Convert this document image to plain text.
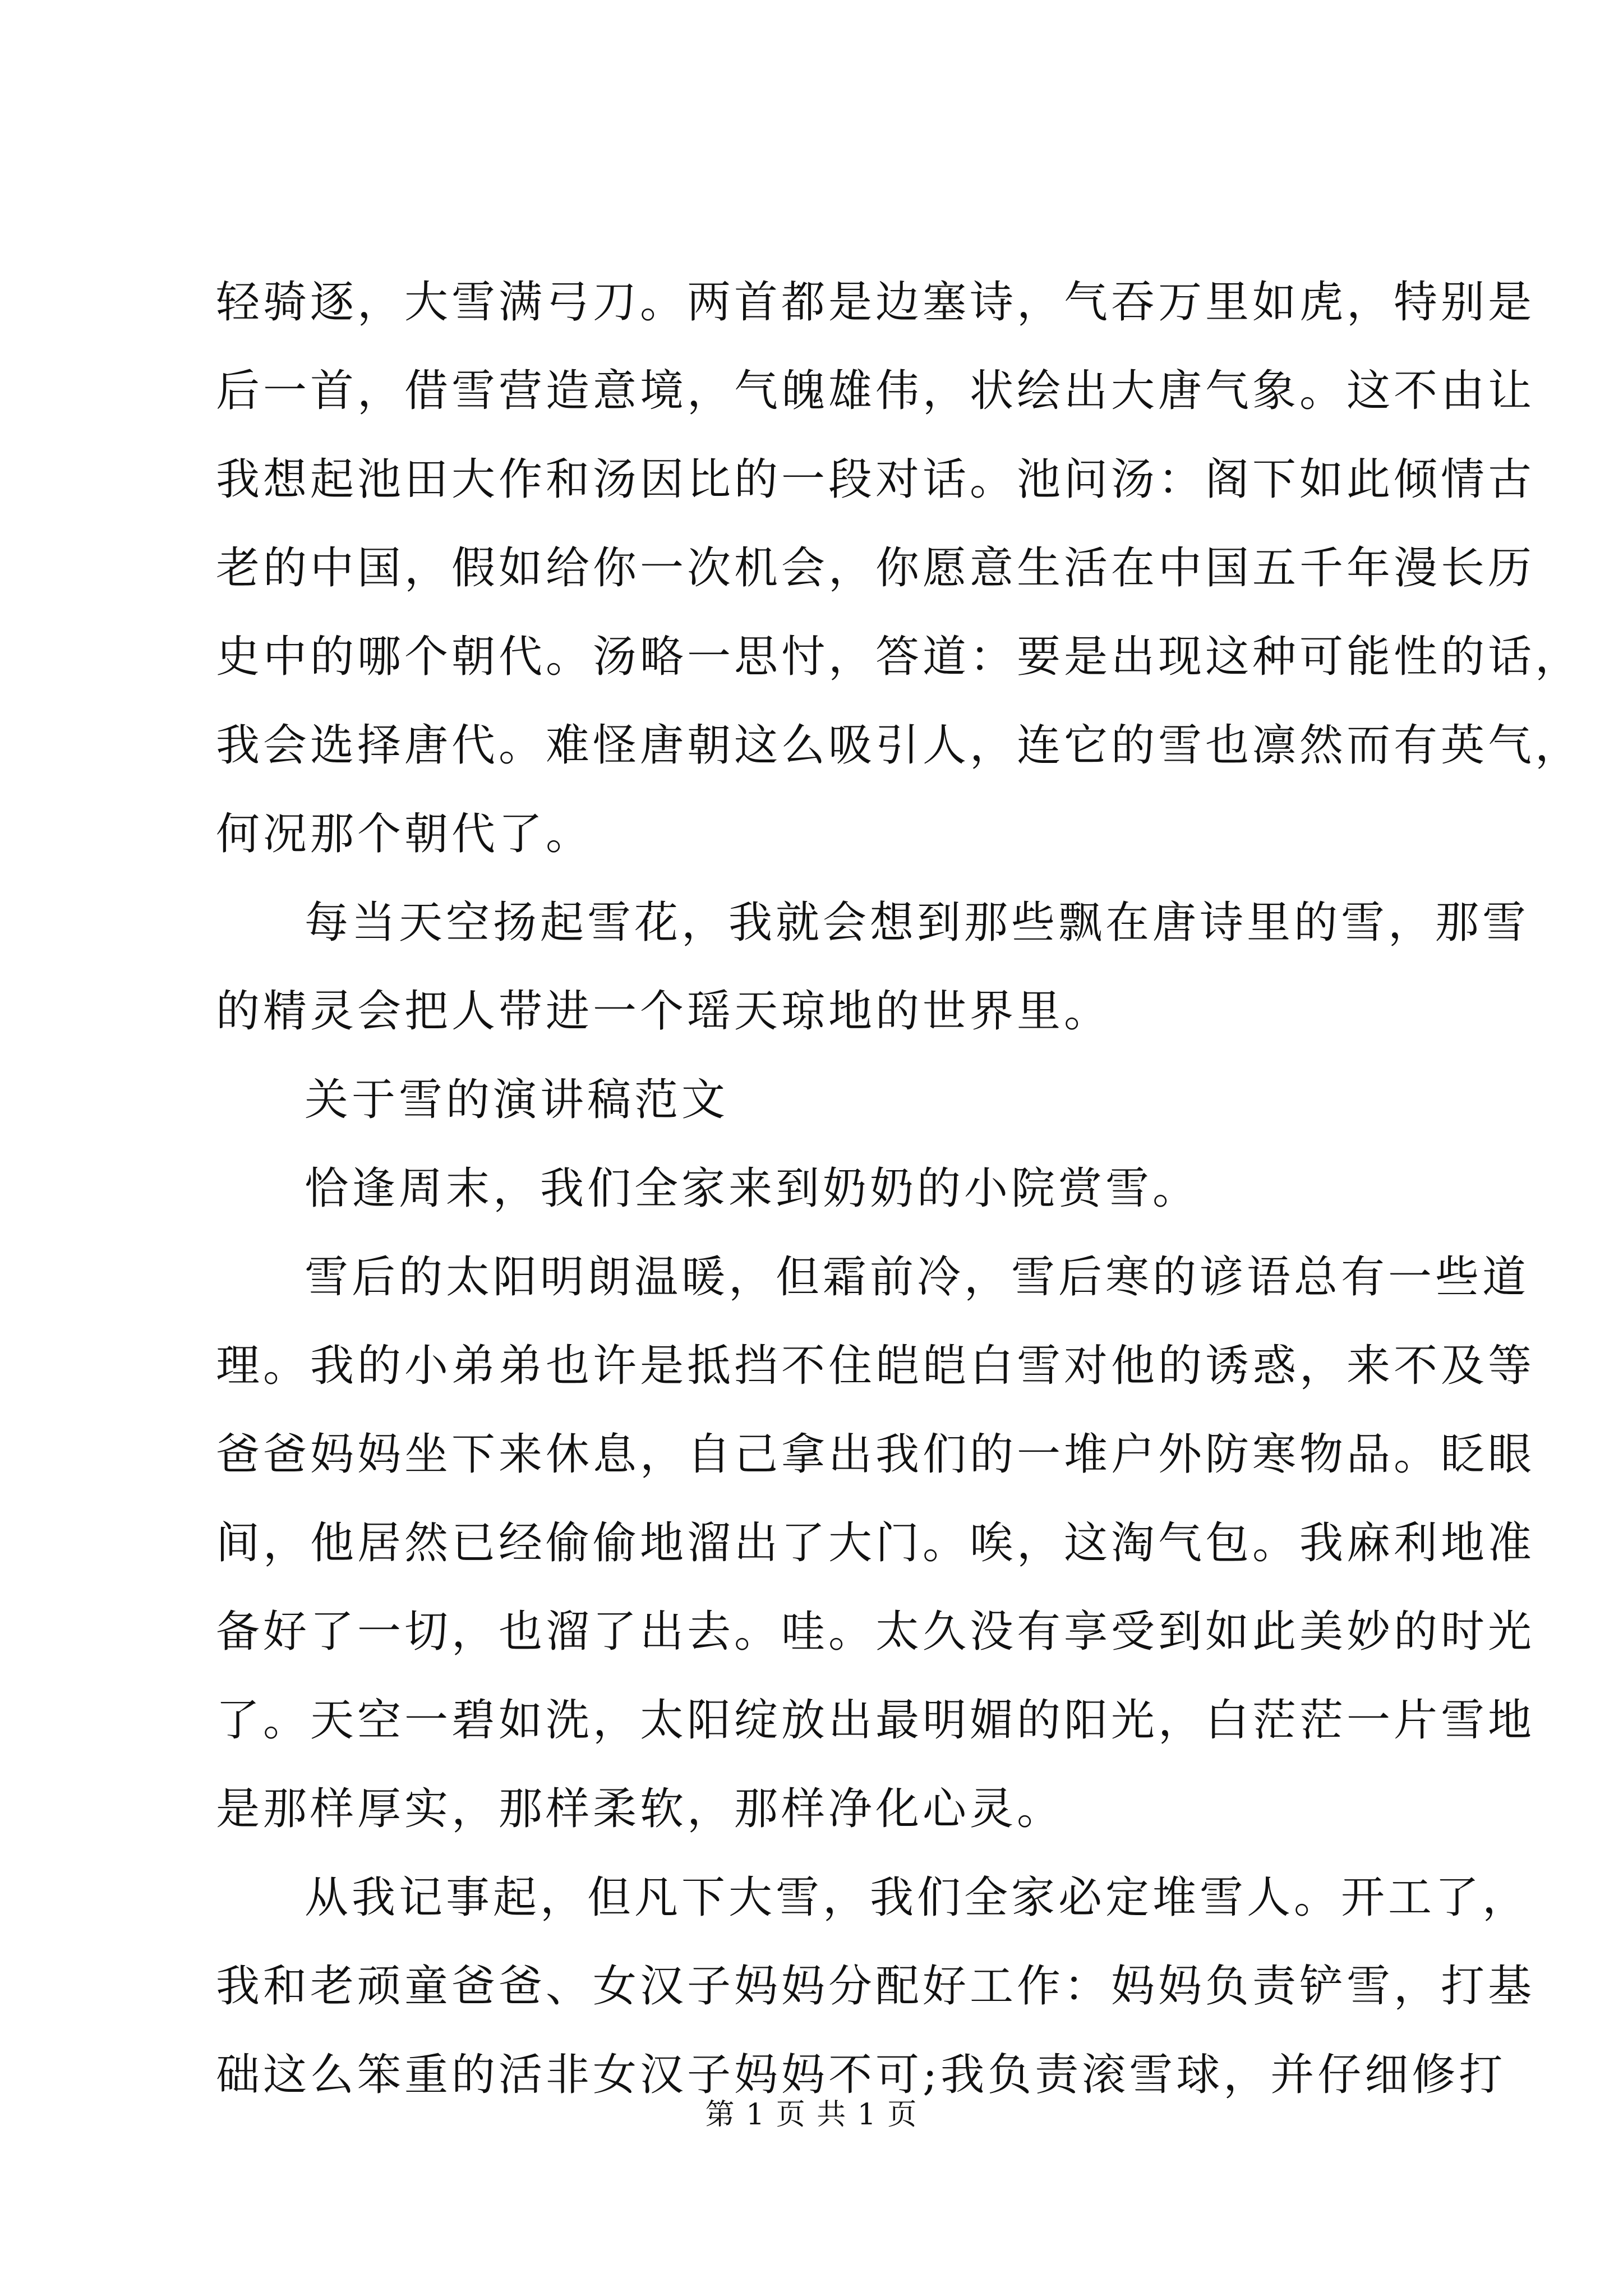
轻骑逐，大雪满弓刀。两首都是边塞诗，气吞万里如虎，特别是
后一首，借雪营造意境，气魄雄伟，状绘出大唐气象。这不由让
我想起池田大作和汤因比的一段对话。池问汤：阁下如此倾情古
老的中国，假如给你一次机会，你愿意生活在中国五千年漫长历
史中的哪个朝代。汤略一思忖，答道：要是出现这种可能性的话，
我会选择唐代。难怪唐朝这么吸引人，连它的雪也凛然而有英气，
何况那个朝代了。
每当天空扬起雪花，我就会想到那些飘在唐诗里的雪，那雪
的精灵会把人带进一个瑶天琼地的世界里。
关于雪的演讲稿范文
恰逢周末，我们全家来到奶奶的小院赏雪。
雪后的太阳明朗温暖，但霜前冷，雪后寒的谚语总有一些道
理。我的小弟弟也许是抵挡不住皑皑白雪对他的诱惑，来不及等
爸爸妈妈坐下来休息，自己拿出我们的一堆户外防寒物品。眨眼
间，他居然已经偷偷地溜出了大门。唉，这淘气包。我麻利地准
备好了一切，也溜了出去。哇。太久没有享受到如此美妙的时光
了。天空一碧如洗，太阳绽放出最明媚的阳光，白茫茫一片雪地
是那样厚实，那样柔软，那样净化心灵。
从我记事起，但凡下大雪，我们全家必定堆雪人。开工了，
我和老顽童爸爸、女汉子妈妈分配好工作：妈妈负责铲雪，打基
础这么笨重的活非女汉子妈妈不可;我负责滚雪球，并仔细修打
第 1 页 共 1 页
